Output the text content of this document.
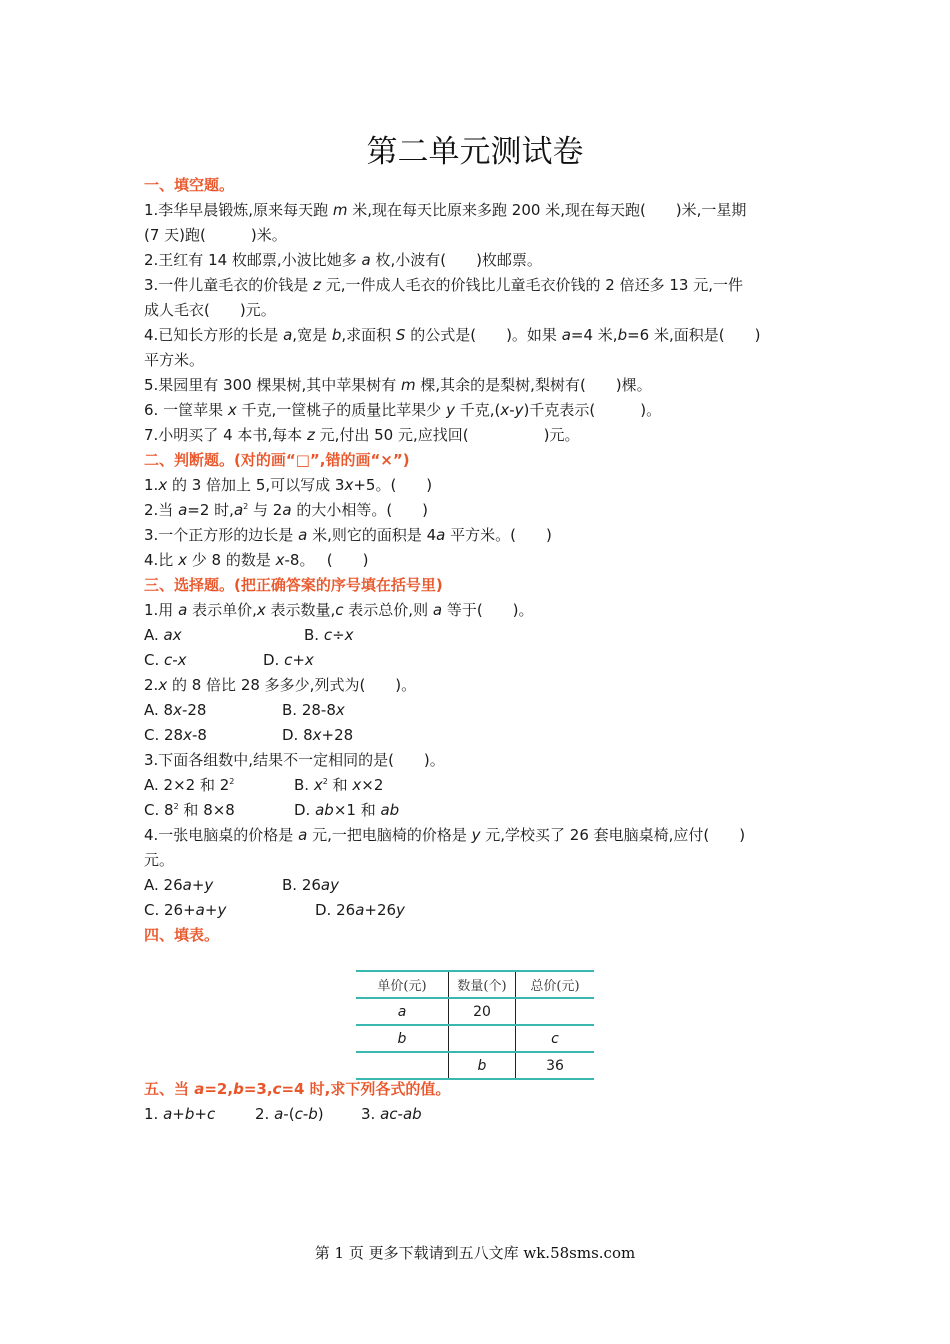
第二单元测试卷
一、填空题。
1.李华早晨锻炼,原来每天跑 m 米,现在每天比原来多跑 200 米,现在每天跑(　　)米,一星期
(7 天)跑(　　　)米。
2.王红有 14 枚邮票,小波比她多 a 枚,小波有(　　)枚邮票。
3.一件儿童毛衣的价钱是 z 元,一件成人毛衣的价钱比儿童毛衣价钱的 2 倍还多 13 元,一件
成人毛衣(　　)元。
4.已知长方形的长是 a,宽是 b,求面积 S 的公式是(　　)。如果 a=4 米,b=6 米,面积是(　　)
平方米。
5.果园里有 300 棵果树,其中苹果树有 m 棵,其余的是梨树,梨树有(　　)棵。
6. 一筐苹果 x 千克,一筐桃子的质量比苹果少 y 千克,(x-y)千克表示(　　　)。
7.小明买了 4 本书,每本 z 元,付出 50 元,应找回(　　　　　)元。
二、判断题。(对的画“□”,错的画“×”)
1.x 的 3 倍加上 5,可以写成 3x+5。(　　)
2.当 a=2 时$,a^2$ 与 2a 的大小相等。(　　)
3.一个正方形的边长是 a 米,则它的面积是 4a 平方米。(　　)
4.比 x 少 8 的数是 x-8。　 (　　)
三、选择题。(把正确答案的序号填在括号里)
1.用 a 表示单价,x 表示数量,c 表示总价,则 a 等于(　　)。
A. ax	B. c÷x
C. c-x	D. c+x
2.x 的 8 倍比 28 多多少,列式为(　　)。
A. 8x-28	B. 28-8x
C. 28x-8	D. 8x+28
3.下面各组数中,结果不一定相同的是(　　)。
A. 2×2 和 $2^2$	B. $x^2$ 和 x×2
C. $8^2$ 和 8×8	D. ab×1 和 ab
4.一张电脑桌的价格是 a 元,一把电脑椅的价格是 y 元,学校买了 26 套电脑桌椅,应付(　　)
元。
A. 26a+y	B. 26ay
C. 26+a+y	D. 26a+26y
四、填表。
单价(元)	数量(个)	总价(元)
a	20	
b		c
	b	36
五、当 a=2,b=3,c=4 时,求下列各式的值。
1. a+b+c	2. a-(c-b) 3. ac-ab
第 1 页 更多下载请到五八文库 wk.58sms.com
